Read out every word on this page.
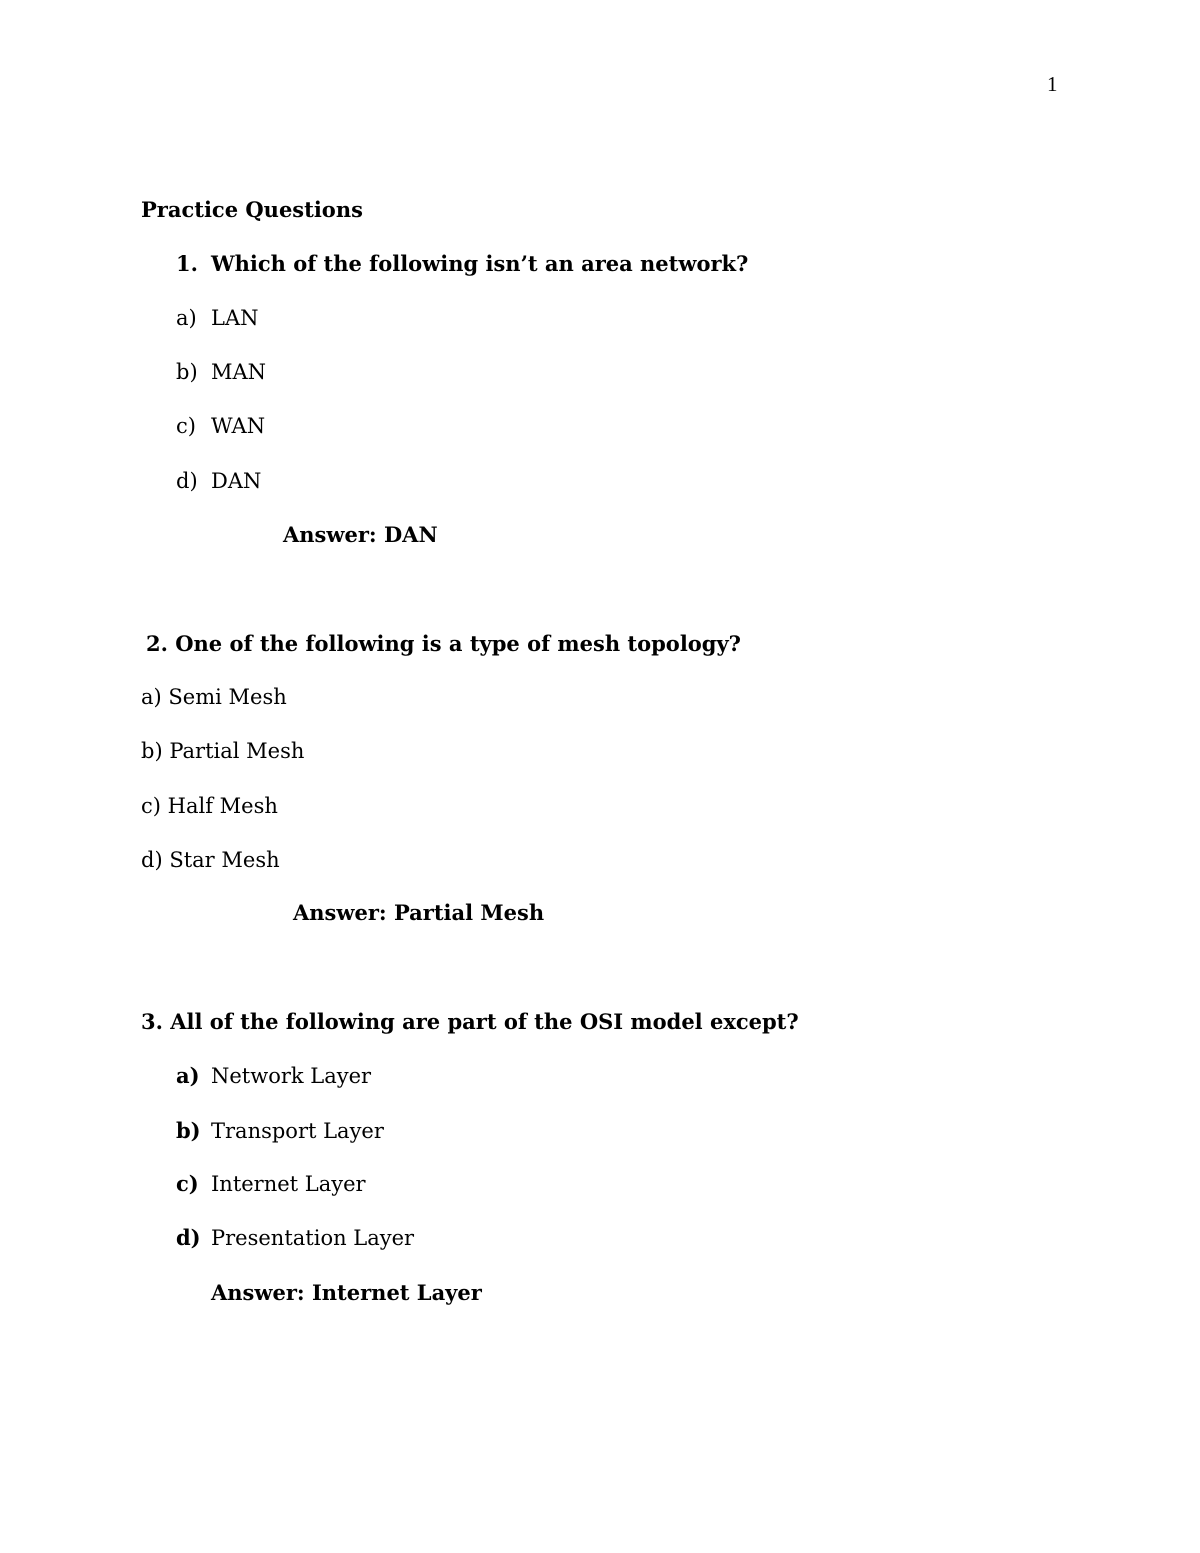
1
Practice Questions
1. Which of the following isn’t an area network?
a) LAN
b) MAN
c) WAN
d) DAN
Answer: DAN
2. One of the following is a type of mesh topology?
a) Semi Mesh
b) Partial Mesh
c) Half Mesh
d) Star Mesh
Answer: Partial Mesh
3. All of the following are part of the OSI model except?
a) Network Layer
b) Transport Layer
c) Internet Layer
d) Presentation Layer
Answer: Internet Layer
